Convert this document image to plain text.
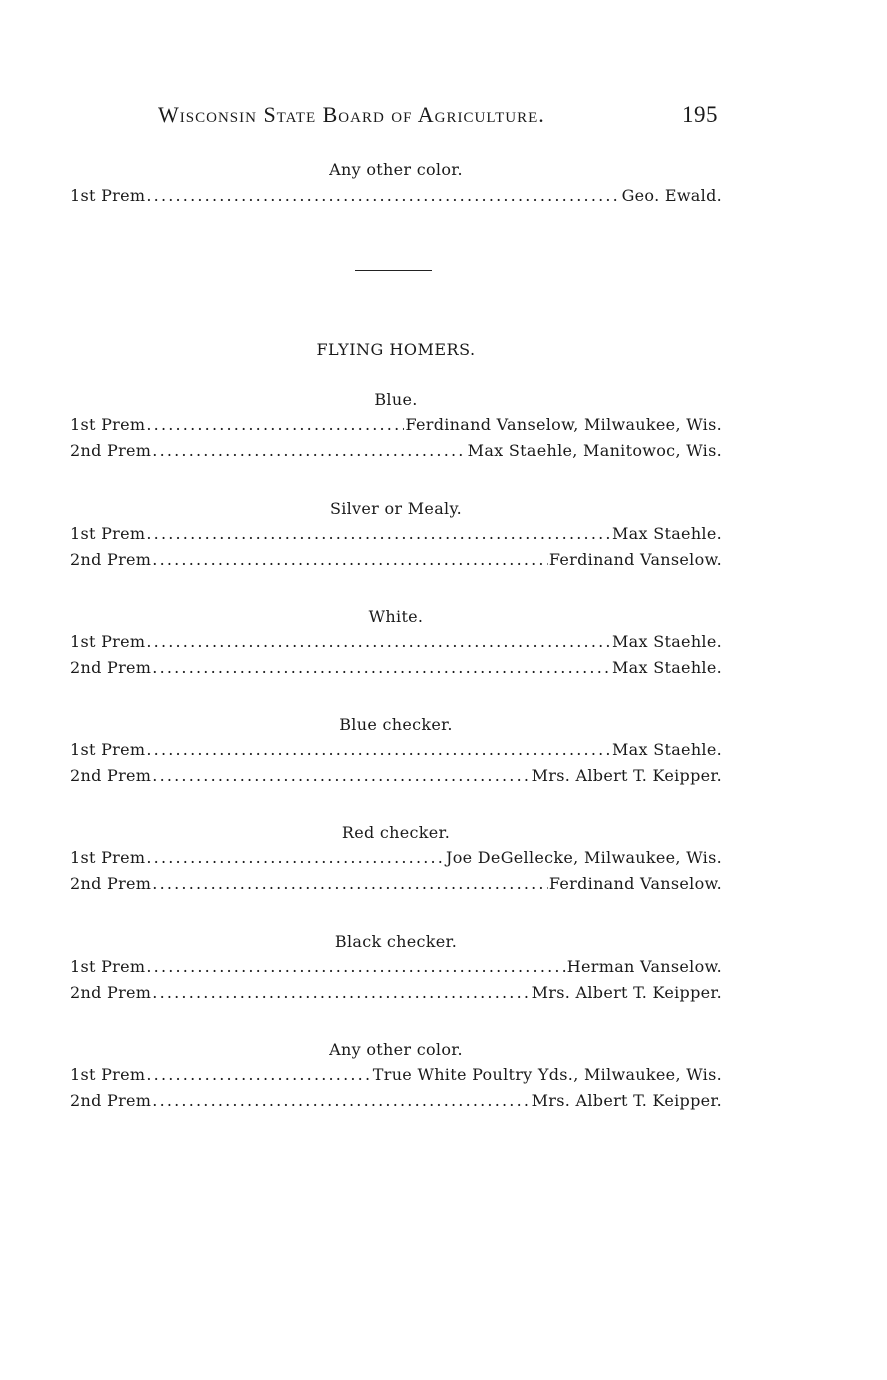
Wisconsin State Board of Agriculture.	195
Any other color.
1st Prem .....	Geo. Ewald.
FLYING HOMERS.
Blue.
1st Prem .....	Ferdinand Vanselow, Milwaukee, Wis.
2nd Prem .....	Max Staehle, Manitowoc, Wis.
Silver or Mealy.
1st Prem .....	Max Staehle.
2nd Prem .....	Ferdinand Vanselow.
White.
1st Prem .....	Max Staehle.
2nd Prem .....	Max Staehle.
Blue checker.
1st Prem .....	Max Staehle.
2nd Prem .....	Mrs. Albert T. Keipper.
Red checker.
1st Prem .....	Joe DeGellecke, Milwaukee, Wis.
2nd Prem .....	Ferdinand Vanselow.
Black checker.
1st Prem .....	Herman Vanselow.
2nd Prem .....	Mrs. Albert T. Keipper.
Any other color.
1st Prem .....	True White Poultry Yds., Milwaukee, Wis.
2nd Prem .....	Mrs. Albert T. Keipper.
